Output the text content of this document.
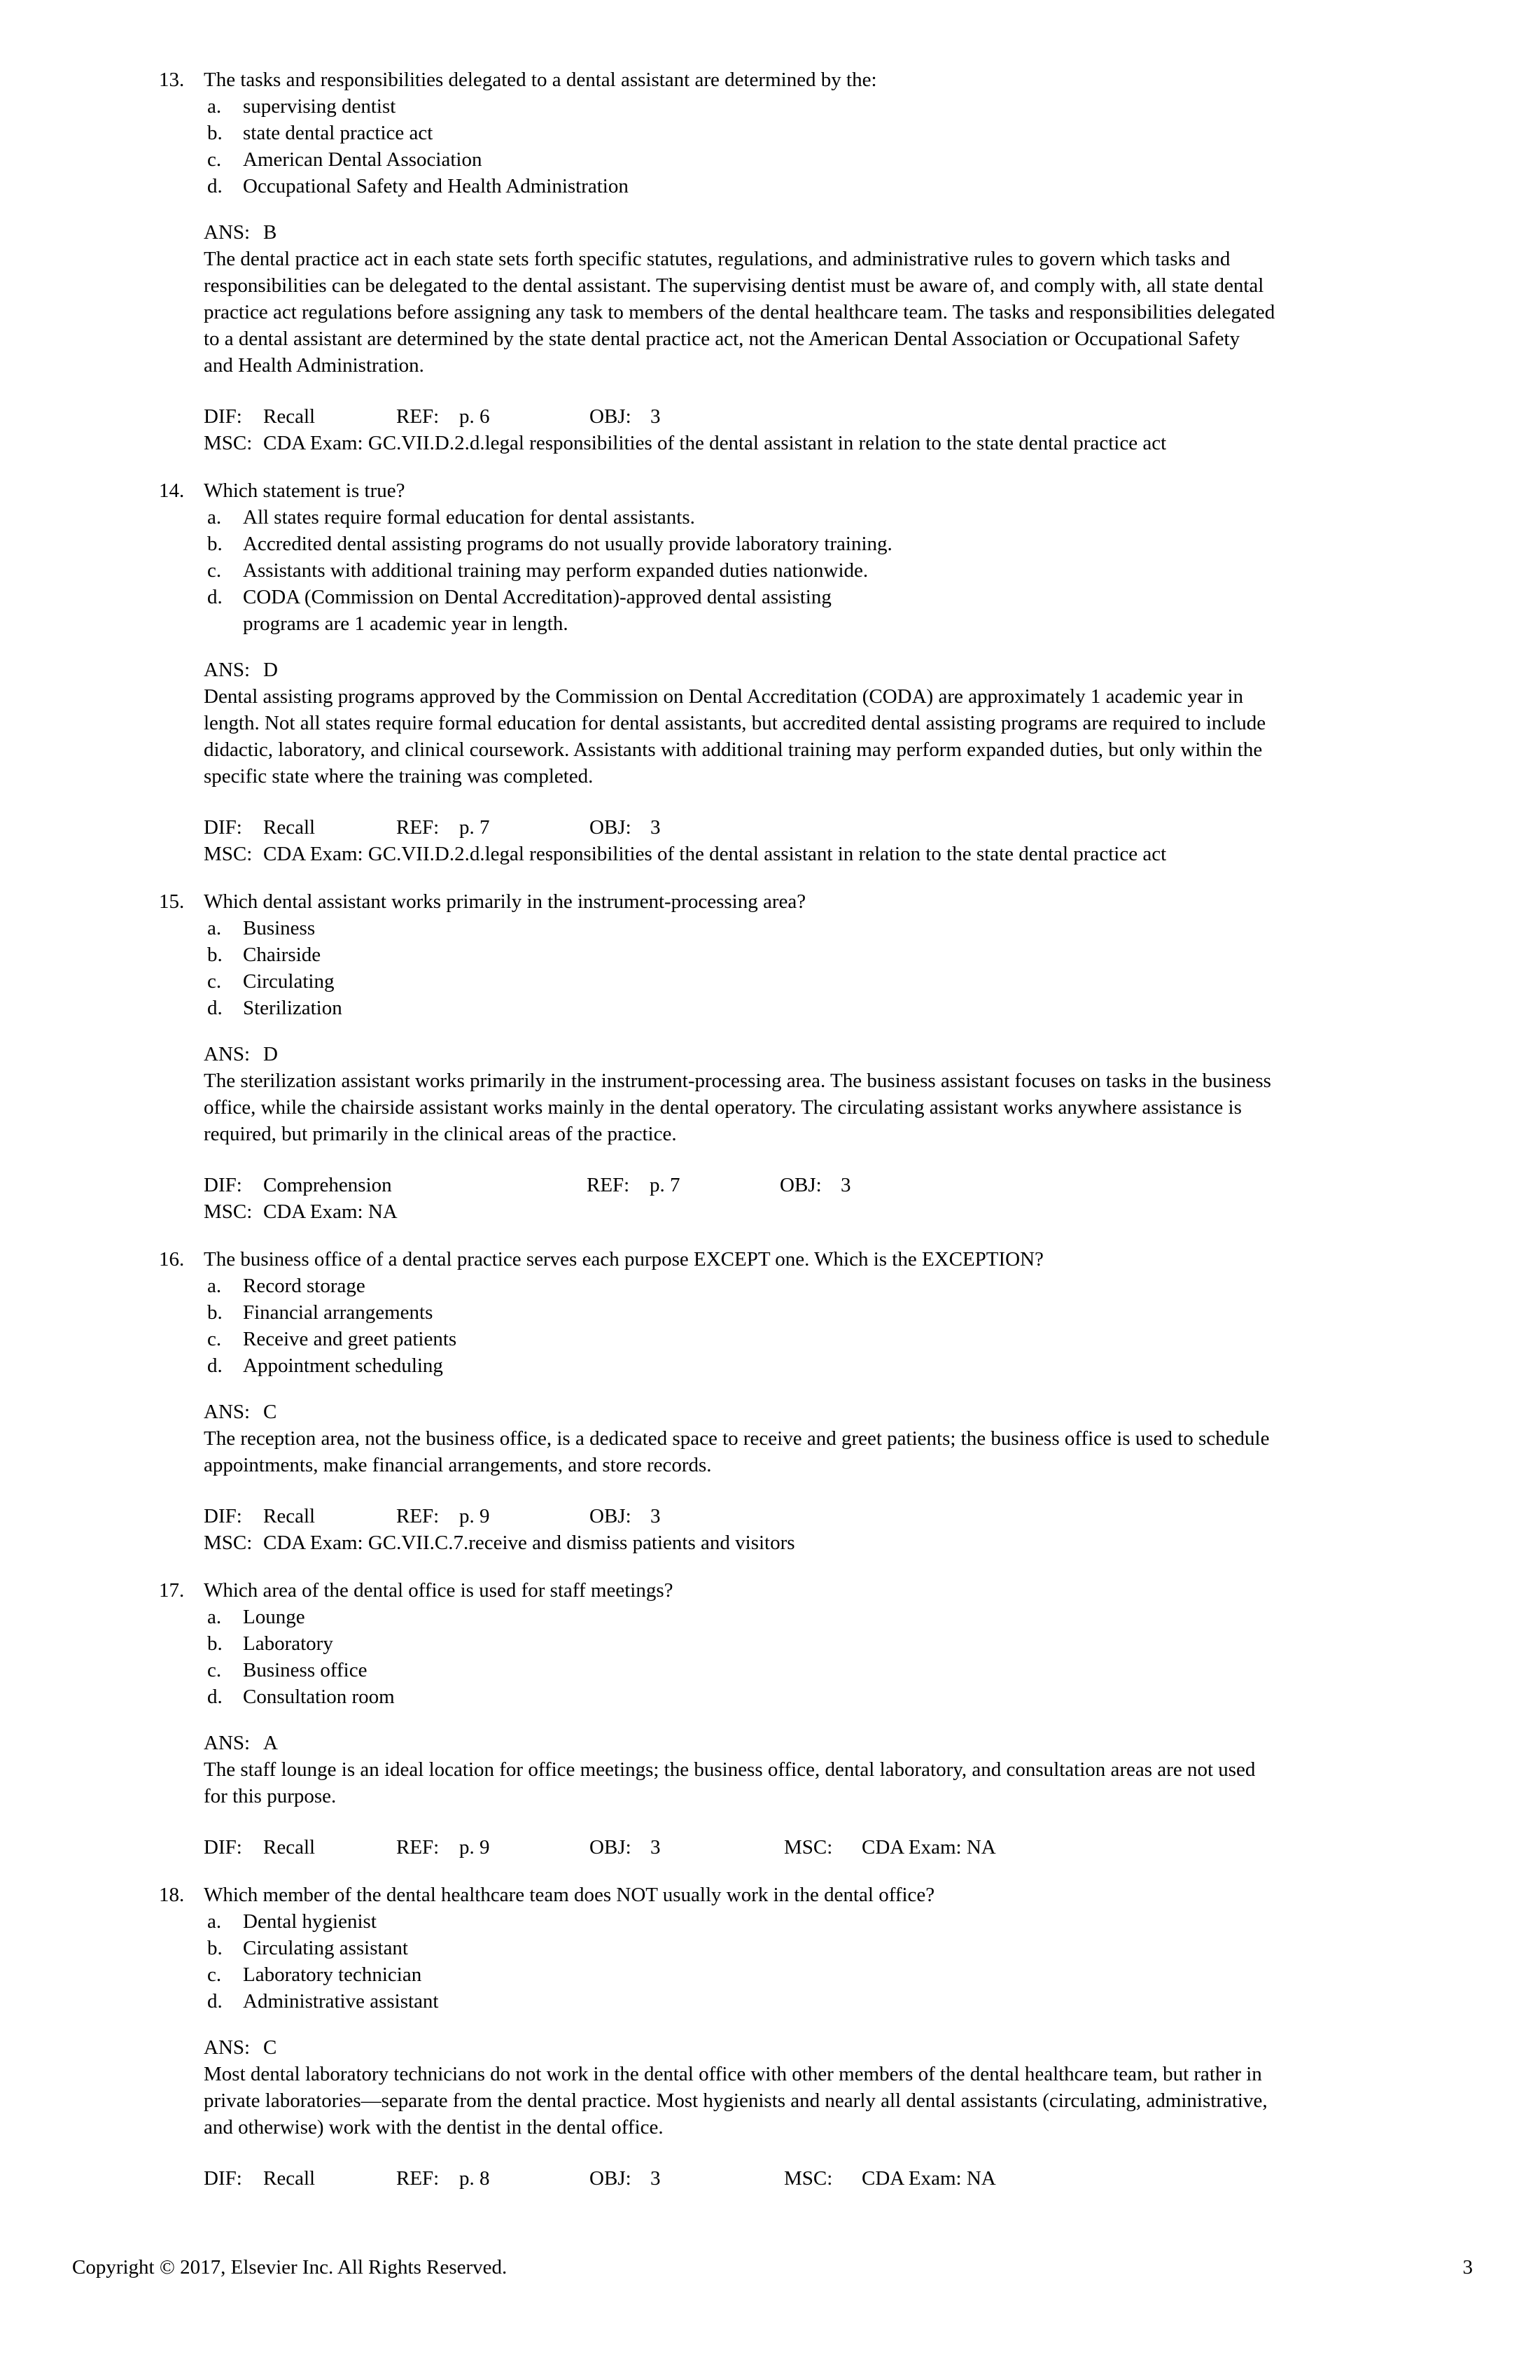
13. The tasks and responsibilities delegated to a dental assistant are determined by the:
a. supervising dentist
b. state dental practice act
c. American Dental Association
d. Occupational Safety and Health Administration
ANS: B
The dental practice act in each state sets forth specific statutes, regulations, and administrative rules to govern which tasks and
responsibilities can be delegated to the dental assistant. The supervising dentist must be aware of, and comply with, all state dental
practice act regulations before assigning any task to members of the dental healthcare team. The tasks and responsibilities delegated
to a dental assistant are determined by the state dental practice act, not the American Dental Association or Occupational Safety
and Health Administration.
DIF: Recall	REF: p. 6	OBJ: 3
MSC: CDA Exam: GC.VII.D.2.d.legal responsibilities of the dental assistant in relation to the state dental practice act
14. Which statement is true?
a. All states require formal education for dental assistants.
b. Accredited dental assisting programs do not usually provide laboratory training.
c. Assistants with additional training may perform expanded duties nationwide.
d. CODA (Commission on Dental Accreditation)-approved dental assisting
programs are 1 academic year in length.
ANS: D
Dental assisting programs approved by the Commission on Dental Accreditation (CODA) are approximately 1 academic year in
length. Not all states require formal education for dental assistants, but accredited dental assisting programs are required to include
didactic, laboratory, and clinical coursework. Assistants with additional training may perform expanded duties, but only within the
specific state where the training was completed.
DIF: Recall	REF: p. 7	OBJ: 3
MSC: CDA Exam: GC.VII.D.2.d.legal responsibilities of the dental assistant in relation to the state dental practice act
15. Which dental assistant works primarily in the instrument-processing area?
a. Business
b. Chairside
c. Circulating
d. Sterilization
ANS: D
The sterilization assistant works primarily in the instrument-processing area. The business assistant focuses on tasks in the business
office, while the chairside assistant works mainly in the dental operatory. The circulating assistant works anywhere assistance is
required, but primarily in the clinical areas of the practice.
DIF: Comprehension	REF: p. 7	OBJ: 3
MSC: CDA Exam: NA
16. The business office of a dental practice serves each purpose EXCEPT one. Which is the EXCEPTION?
a. Record storage
b. Financial arrangements
c. Receive and greet patients
d. Appointment scheduling
ANS: C
The reception area, not the business office, is a dedicated space to receive and greet patients; the business office is used to schedule
appointments, make financial arrangements, and store records.
DIF: Recall	REF: p. 9	OBJ: 3
MSC: CDA Exam: GC.VII.C.7.receive and dismiss patients and visitors
17. Which area of the dental office is used for staff meetings?
a. Lounge
b. Laboratory
c. Business office
d. Consultation room
ANS: A
The staff lounge is an ideal location for office meetings; the business office, dental laboratory, and consultation areas are not used
for this purpose.
DIF: Recall	REF: p. 9	OBJ: 3	MSC: CDA Exam: NA
18. Which member of the dental healthcare team does NOT usually work in the dental office?
a. Dental hygienist
b. Circulating assistant
c. Laboratory technician
d. Administrative assistant
ANS: C
Most dental laboratory technicians do not work in the dental office with other members of the dental healthcare team, but rather in
private laboratories—separate from the dental practice. Most hygienists and nearly all dental assistants (circulating, administrative,
and otherwise) work with the dentist in the dental office.
DIF: Recall	REF: p. 8	OBJ: 3	MSC: CDA Exam: NA
Copyright © 2017, Elsevier Inc. All Rights Reserved.	3
